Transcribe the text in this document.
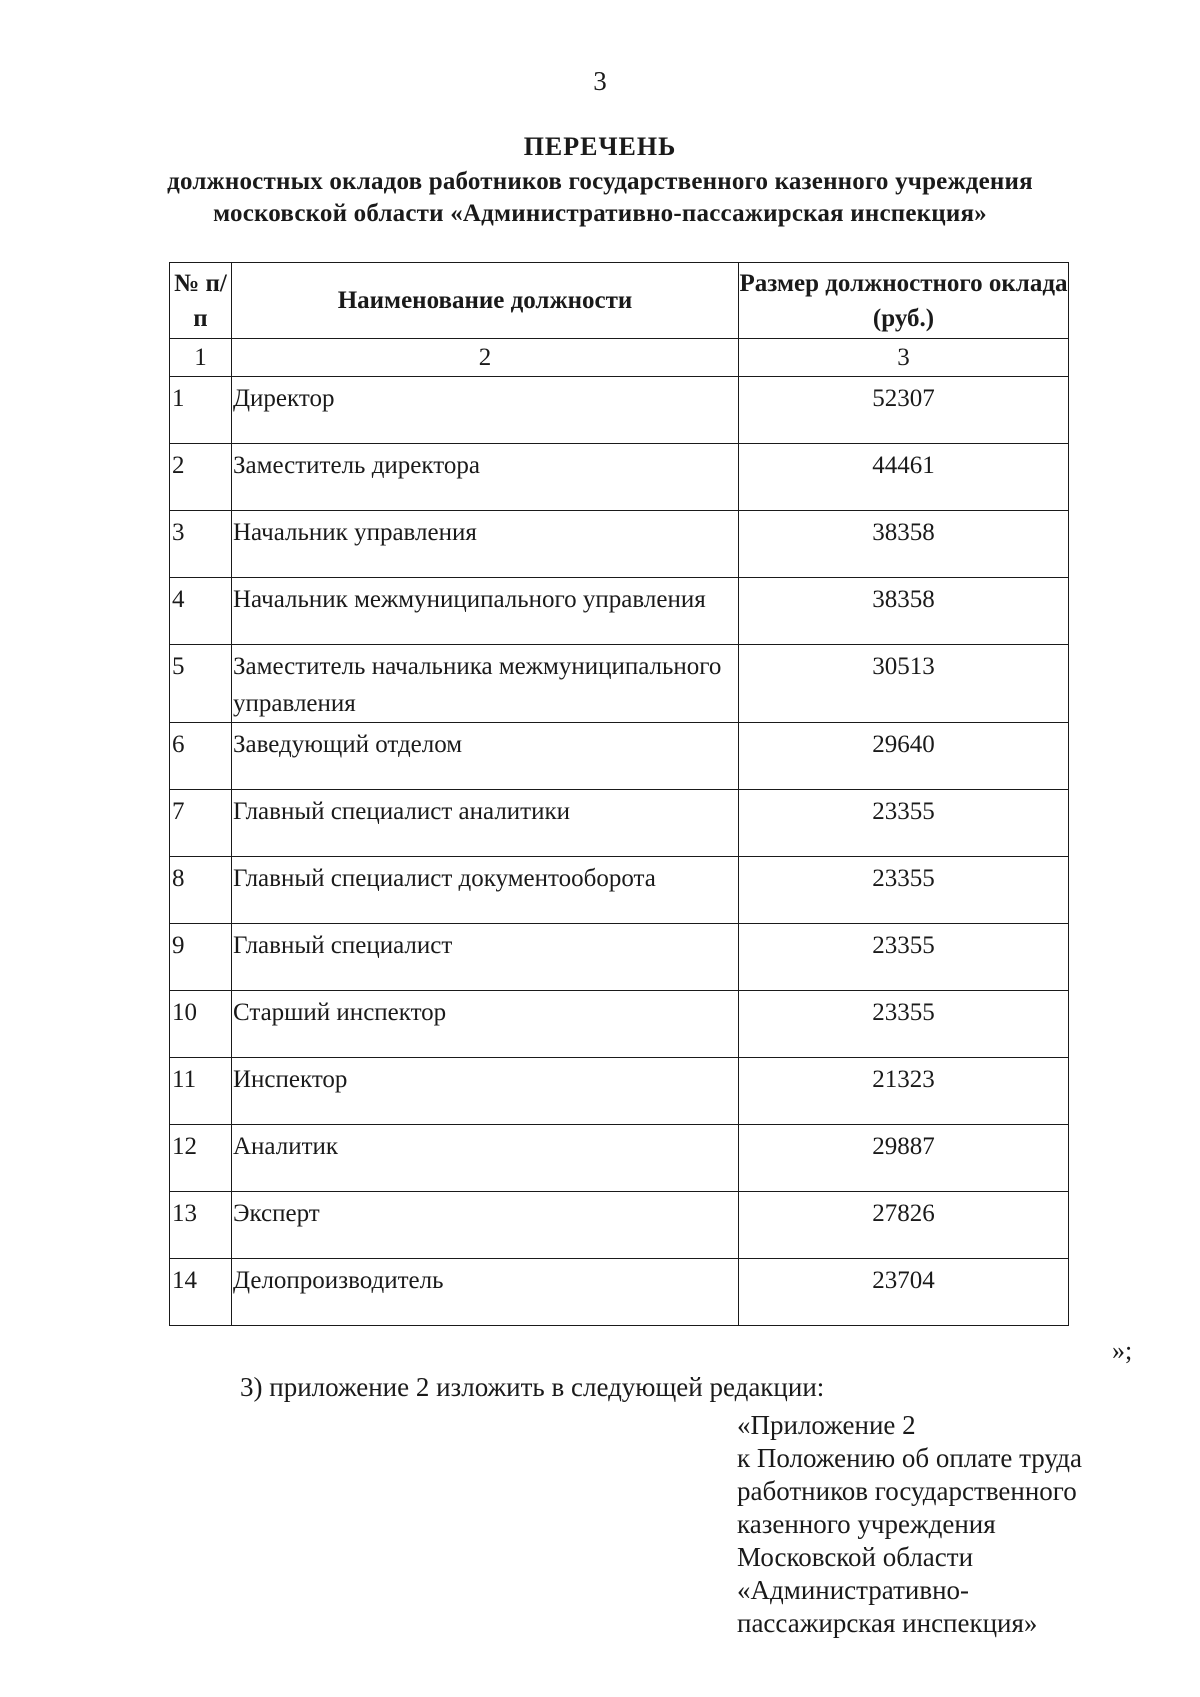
3
ПЕРЕЧЕНЬ
должностных окладов работников государственного казенного учреждения
московской области «Административно-пассажирская инспекция»
№ п/п	Наименование должности	Размер должностного оклада (руб.)
1	2	3
1	Директор	52307
2	Заместитель директора	44461
3	Начальник управления	38358
4	Начальник межмуниципального управления	38358
5	Заместитель начальника межмуниципального управления	30513
6	Заведующий отделом	29640
7	Главный специалист аналитики	23355
8	Главный специалист документооборота	23355
9	Главный специалист	23355
10	Старший инспектор	23355
11	Инспектор	21323
12	Аналитик	29887
13	Эксперт	27826
14	Делопроизводитель	23704
»;
3) приложение 2 изложить в следующей редакции:
«Приложение 2
к Положению об оплате труда
работников государственного
казенного учреждения
Московской области
«Административно-
пассажирская инспекция»
